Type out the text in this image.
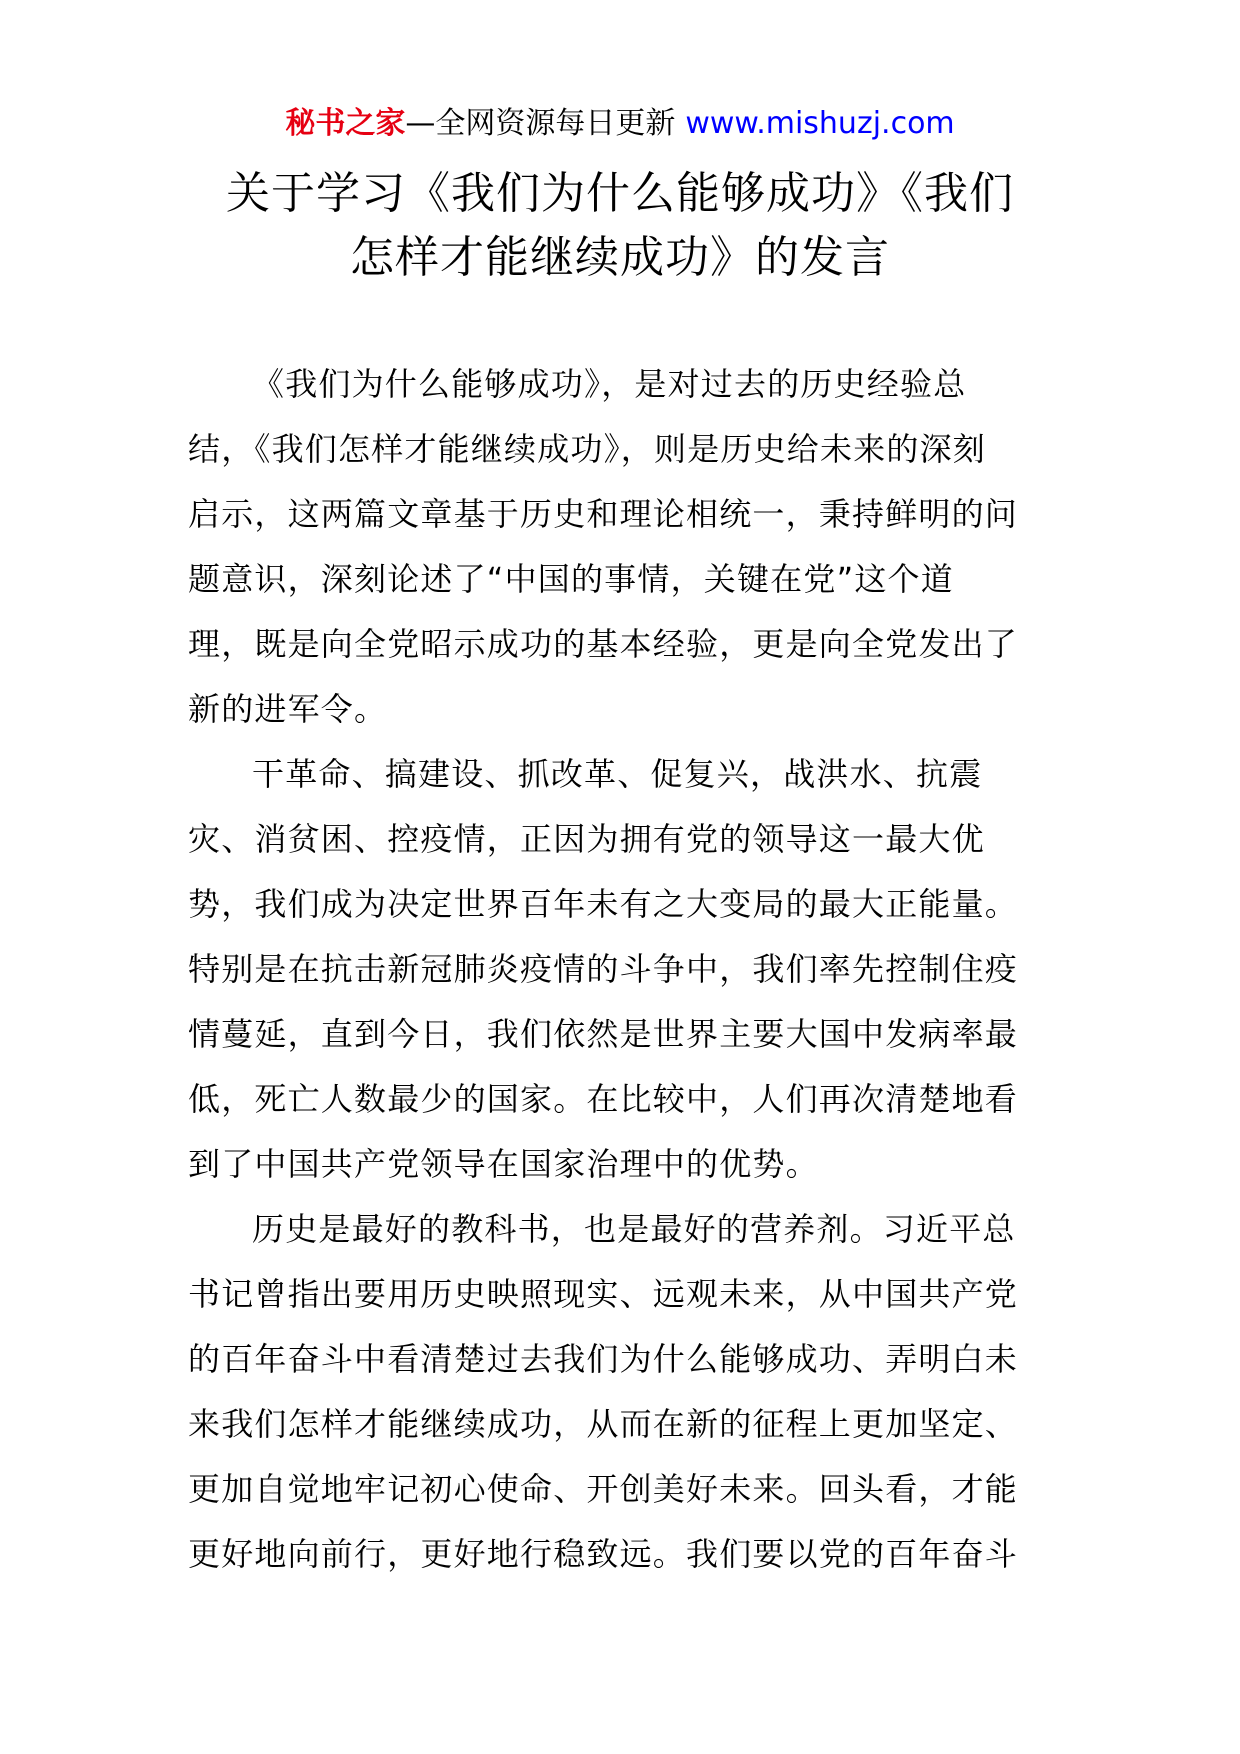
秘书之家—全网资源每日更新 www.mishuzj.com
关于学习《我们为什么能够成功》《我们
怎样才能继续成功》的发言

《我们为什么能够成功》，是对过去的历史经验总
结，《我们怎样才能继续成功》，则是历史给未来的深刻
启示，这两篇文章基于历史和理论相统一，秉持鲜明的问
题意识，深刻论述了“中国的事情，关键在党”这个道
理，既是向全党昭示成功的基本经验，更是向全党发出了
新的进军令。

干革命、搞建设、抓改革、促复兴，战洪水、抗震
灾、消贫困、控疫情，正因为拥有党的领导这一最大优
势，我们成为决定世界百年未有之大变局的最大正能量。
特别是在抗击新冠肺炎疫情的斗争中，我们率先控制住疫
情蔓延，直到今日，我们依然是世界主要大国中发病率最
低，死亡人数最少的国家。在比较中，人们再次清楚地看
到了中国共产党领导在国家治理中的优势。

历史是最好的教科书，也是最好的营养剂。习近平总
书记曾指出要用历史映照现实、远观未来，从中国共产党
的百年奋斗中看清楚过去我们为什么能够成功、弄明白未
来我们怎样才能继续成功，从而在新的征程上更加坚定、
更加自觉地牢记初心使命、开创美好未来。回头看，才能
更好地向前行，更好地行稳致远。我们要以党的百年奋斗
